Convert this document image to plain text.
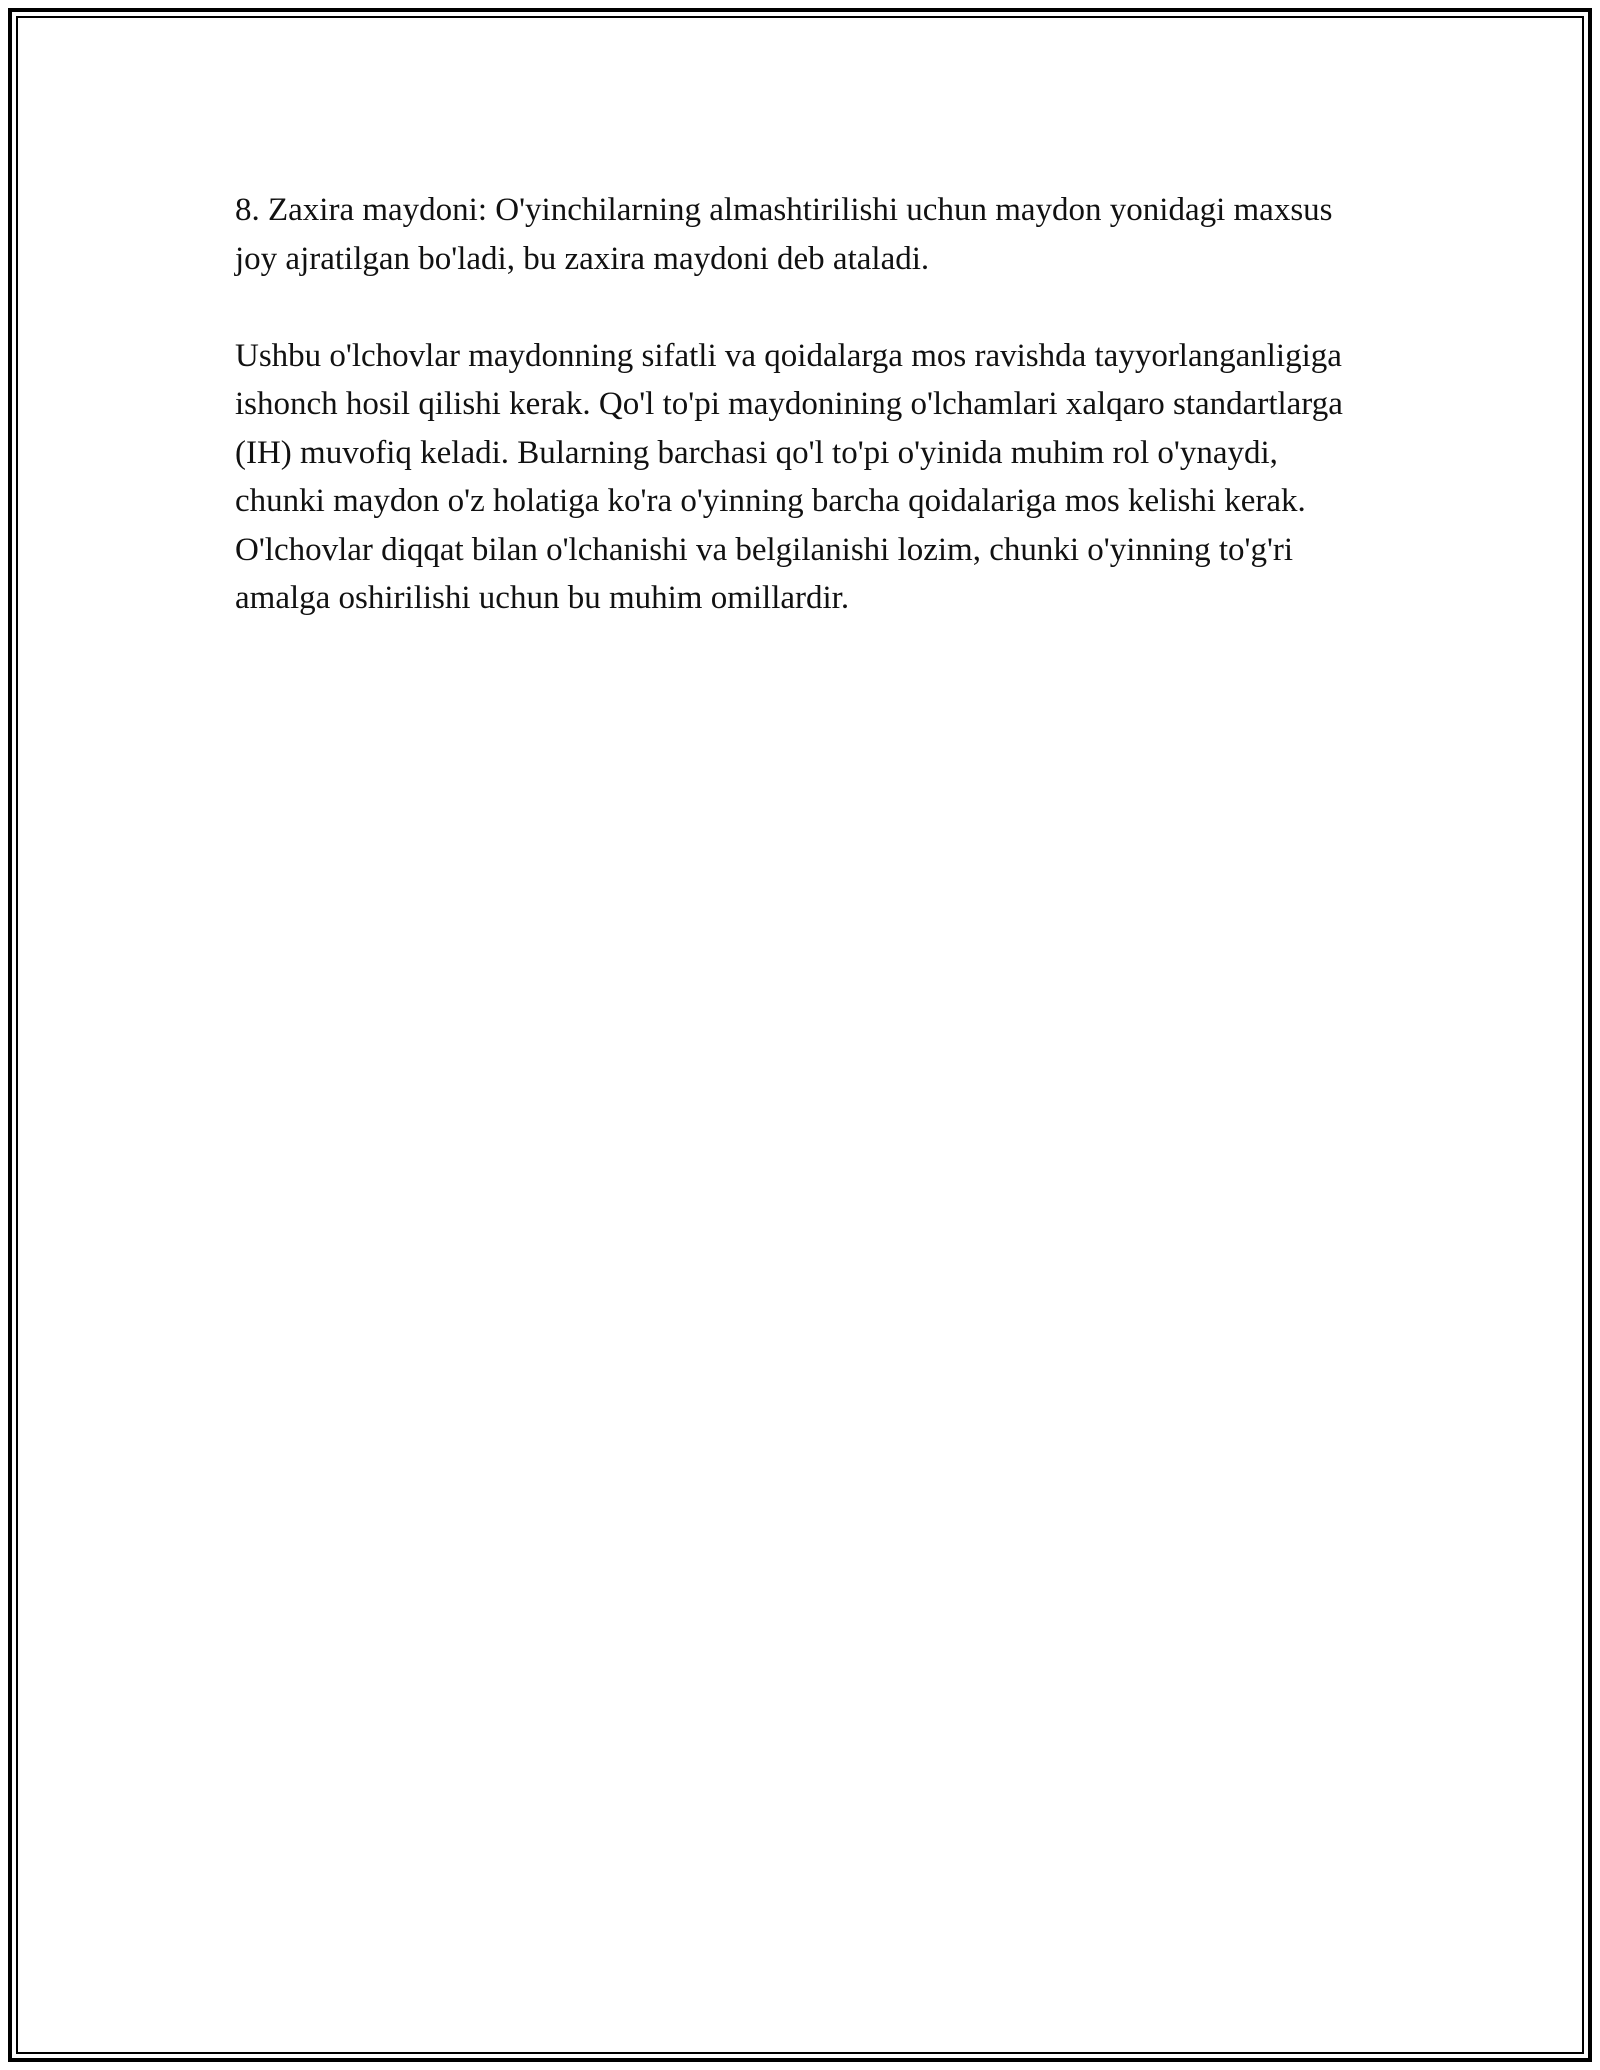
8. Zaxira maydoni: O'yinchilarning almashtirilishi uchun maydon yonidagi maxsus joy ajratilgan bo'ladi, bu zaxira maydoni deb ataladi.

Ushbu o'lchovlar maydonning sifatli va qoidalarga mos ravishda tayyorlanganligiga ishonch hosil qilishi kerak. Qo'l to'pi maydonining o'lchamlari xalqaro standartlarga (IH) muvofiq keladi. Bularning barchasi qo'l to'pi o'yinida muhim rol o'ynaydi, chunki maydon o'z holatiga ko'ra o'yinning barcha qoidalariga mos kelishi kerak. O'lchovlar diqqat bilan o'lchanishi va belgilanishi lozim, chunki o'yinning to'g'ri amalga oshirilishi uchun bu muhim omillardir.
